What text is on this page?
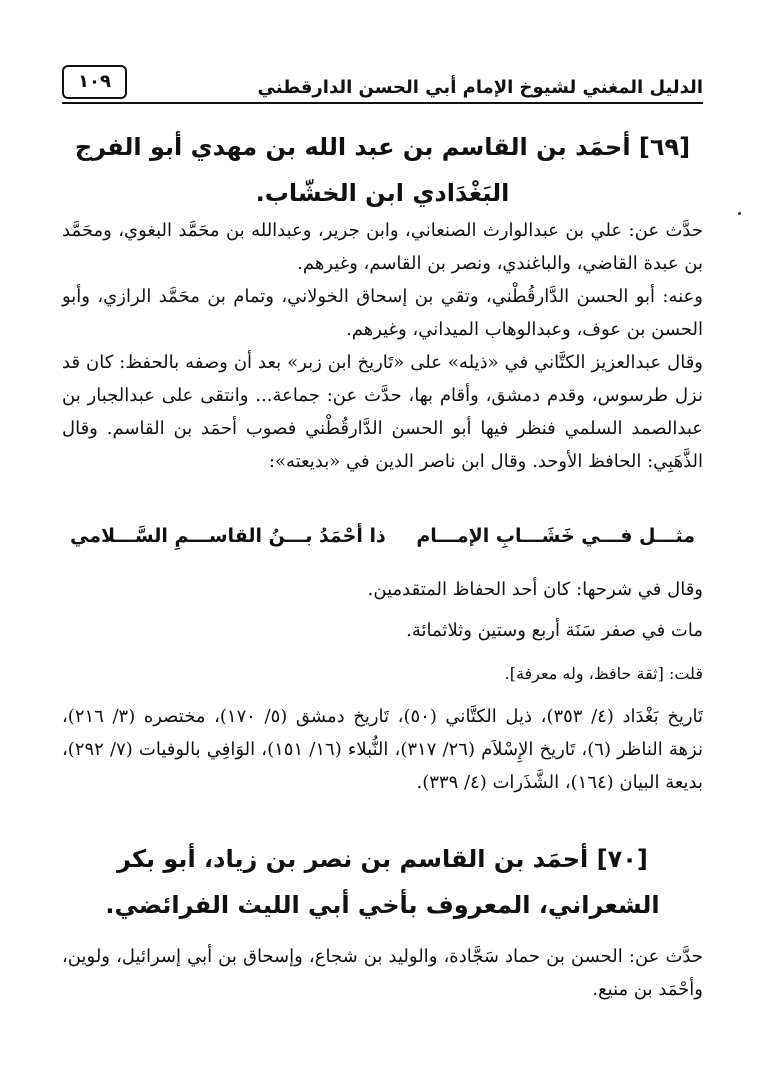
الدليل المغني لشيوخ الإمام أبي الحسن الدارقطني
١٠٩
[٦٩] أحمَد بن القاسم بن عبد الله بن مهدي أبو الفرج البَغْدَادي ابن الخشّاب.

حدَّث عن: علي بن عبدالوارث الصنعاني، وابن جرير، وعبدالله بن محَمَّد البغوي، ومحَمَّد بن عبدة القاضي، والباغندي، ونصر بن القاسم، وغيرهم.

وعنه: أبو الحسن الدَّارقُطْني، وتقي بن إسحاق الخولاني، وتمام بن محَمَّد الرازي، وأبو الحسن بن عوف، وعبدالوهاب الميداني، وغيرهم.

وقال عبدالعزيز الكتَّاني في «ذيله» على «تَاريخ ابن زبر» بعد أن وصفه بالحفظ: كان قد نزل طرسوس، وقدم دمشق، وأقام بها، حدَّث عن: جماعة... وانتقى على عبدالجبار بن عبدالصمد السلمي فنظر فيها أبو الحسن الدَّارقُطْني فصوب أحمَد بن القاسم. وقال الذَّهَبِي: الحافظ الأوحد. وقال ابن ناصر الدين في «بديعته»:

مثـــل فـــي خَشَـــابِ الإمـــام
ذا أحْمَدُ بـــنُ القاســـمِ السَّـــلامي

وقال في شرحها: كان أحد الحفاظ المتقدمين.

مات في صفر سَنَة أربع وستين وثلاثمائة.

قلت: [ثقة حافظ، وله معرفة].

تَاريخ بَغْدَاد (٤/ ٣٥٣)، ذيل الكتَّاني (٥٠)، تَاريخ دمشق (٥/ ١٧٠)، مختصره (٣/ ٢١٦)، نزهة الناظر (٦)، تَاريخ الإِسْلاَم (٢٦/ ٣١٧)، النُّبلاء (١٦/ ١٥١)، الوَافِي بالوفيات (٧/ ٢٩٢)، بديعة البيان (١٦٤)، الشَّذَرات (٤/ ٣٣٩).

[٧٠] أحمَد بن القاسم بن نصر بن زياد، أبو بكر الشعراني، المعروف بأخي أبي الليث الفرائضي.

حدَّث عن: الحسن بن حماد سَجَّادة، والوليد بن شجاع، وإسحاق بن أبي إسرائيل، ولوين، وأحْمَد بن منيع.
